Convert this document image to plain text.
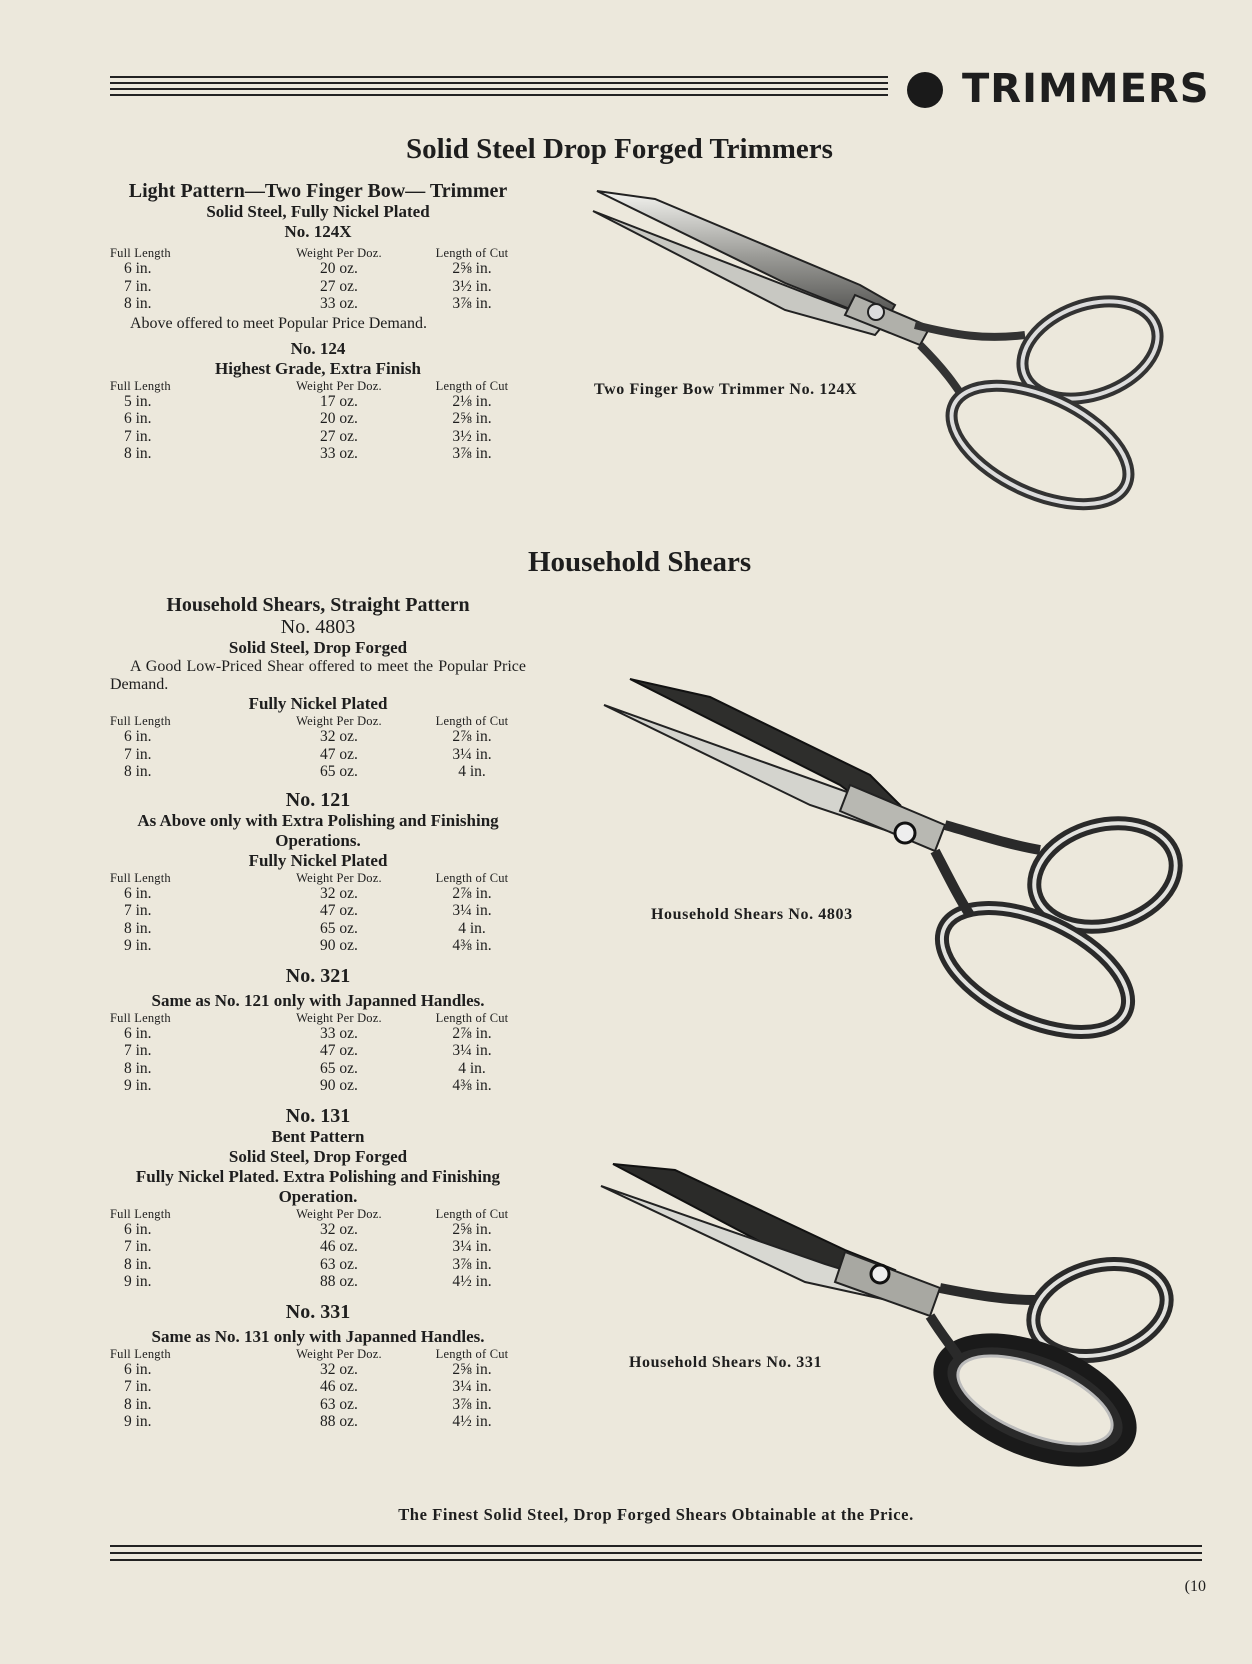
TRIMMERS
Solid Steel Drop Forged Trimmers
Light Pattern—Two Finger Bow— Trimmer
Solid Steel, Fully Nickel Plated
No. 124X
Full Length	Weight Per Doz.	Length of Cut
6 in.	20 oz.	2⅝ in.
7 in.	27 oz.	3½ in.
8 in.	33 oz.	3⅞ in.
Above offered to meet Popular Price Demand.
No. 124
Highest Grade, Extra Finish
Full Length	Weight Per Doz.	Length of Cut
5 in.	17 oz.	2⅛ in.
6 in.	20 oz.	2⅝ in.
7 in.	27 oz.	3½ in.
8 in.	33 oz.	3⅞ in.
Household Shears
Household Shears, Straight Pattern
No. 4803
Solid Steel, Drop Forged
A Good Low-Priced Shear offered to meet the Popular Price Demand.
Fully Nickel Plated
Full Length	Weight Per Doz.	Length of Cut
6 in.	32 oz.	2⅞ in.
7 in.	47 oz.	3¼ in.
8 in.	65 oz.	4 in.
No. 121
As Above only with Extra Polishing and Finishing Operations.
Fully Nickel Plated
Full Length	Weight Per Doz.	Length of Cut
6 in.	32 oz.	2⅞ in.
7 in.	47 oz.	3¼ in.
8 in.	65 oz.	4 in.
9 in.	90 oz.	4⅜ in.
No. 321
Same as No. 121 only with Japanned Handles.
Full Length	Weight Per Doz.	Length of Cut
6 in.	33 oz.	2⅞ in.
7 in.	47 oz.	3¼ in.
8 in.	65 oz.	4 in.
9 in.	90 oz.	4⅜ in.
No. 131
Bent Pattern
Solid Steel, Drop Forged
Fully Nickel Plated. Extra Polishing and Finishing Operation.
Full Length	Weight Per Doz.	Length of Cut
6 in.	32 oz.	2⅝ in.
7 in.	46 oz.	3¼ in.
8 in.	63 oz.	3⅞ in.
9 in.	88 oz.	4½ in.
No. 331
Same as No. 131 only with Japanned Handles.
Full Length	Weight Per Doz.	Length of Cut
6 in.	32 oz.	2⅝ in.
7 in.	46 oz.	3¼ in.
8 in.	63 oz.	3⅞ in.
9 in.	88 oz.	4½ in.
Two Finger Bow Trimmer No. 124X
Household Shears No. 4803
Household Shears No. 331
The Finest Solid Steel, Drop Forged Shears Obtainable at the Price.
(10
